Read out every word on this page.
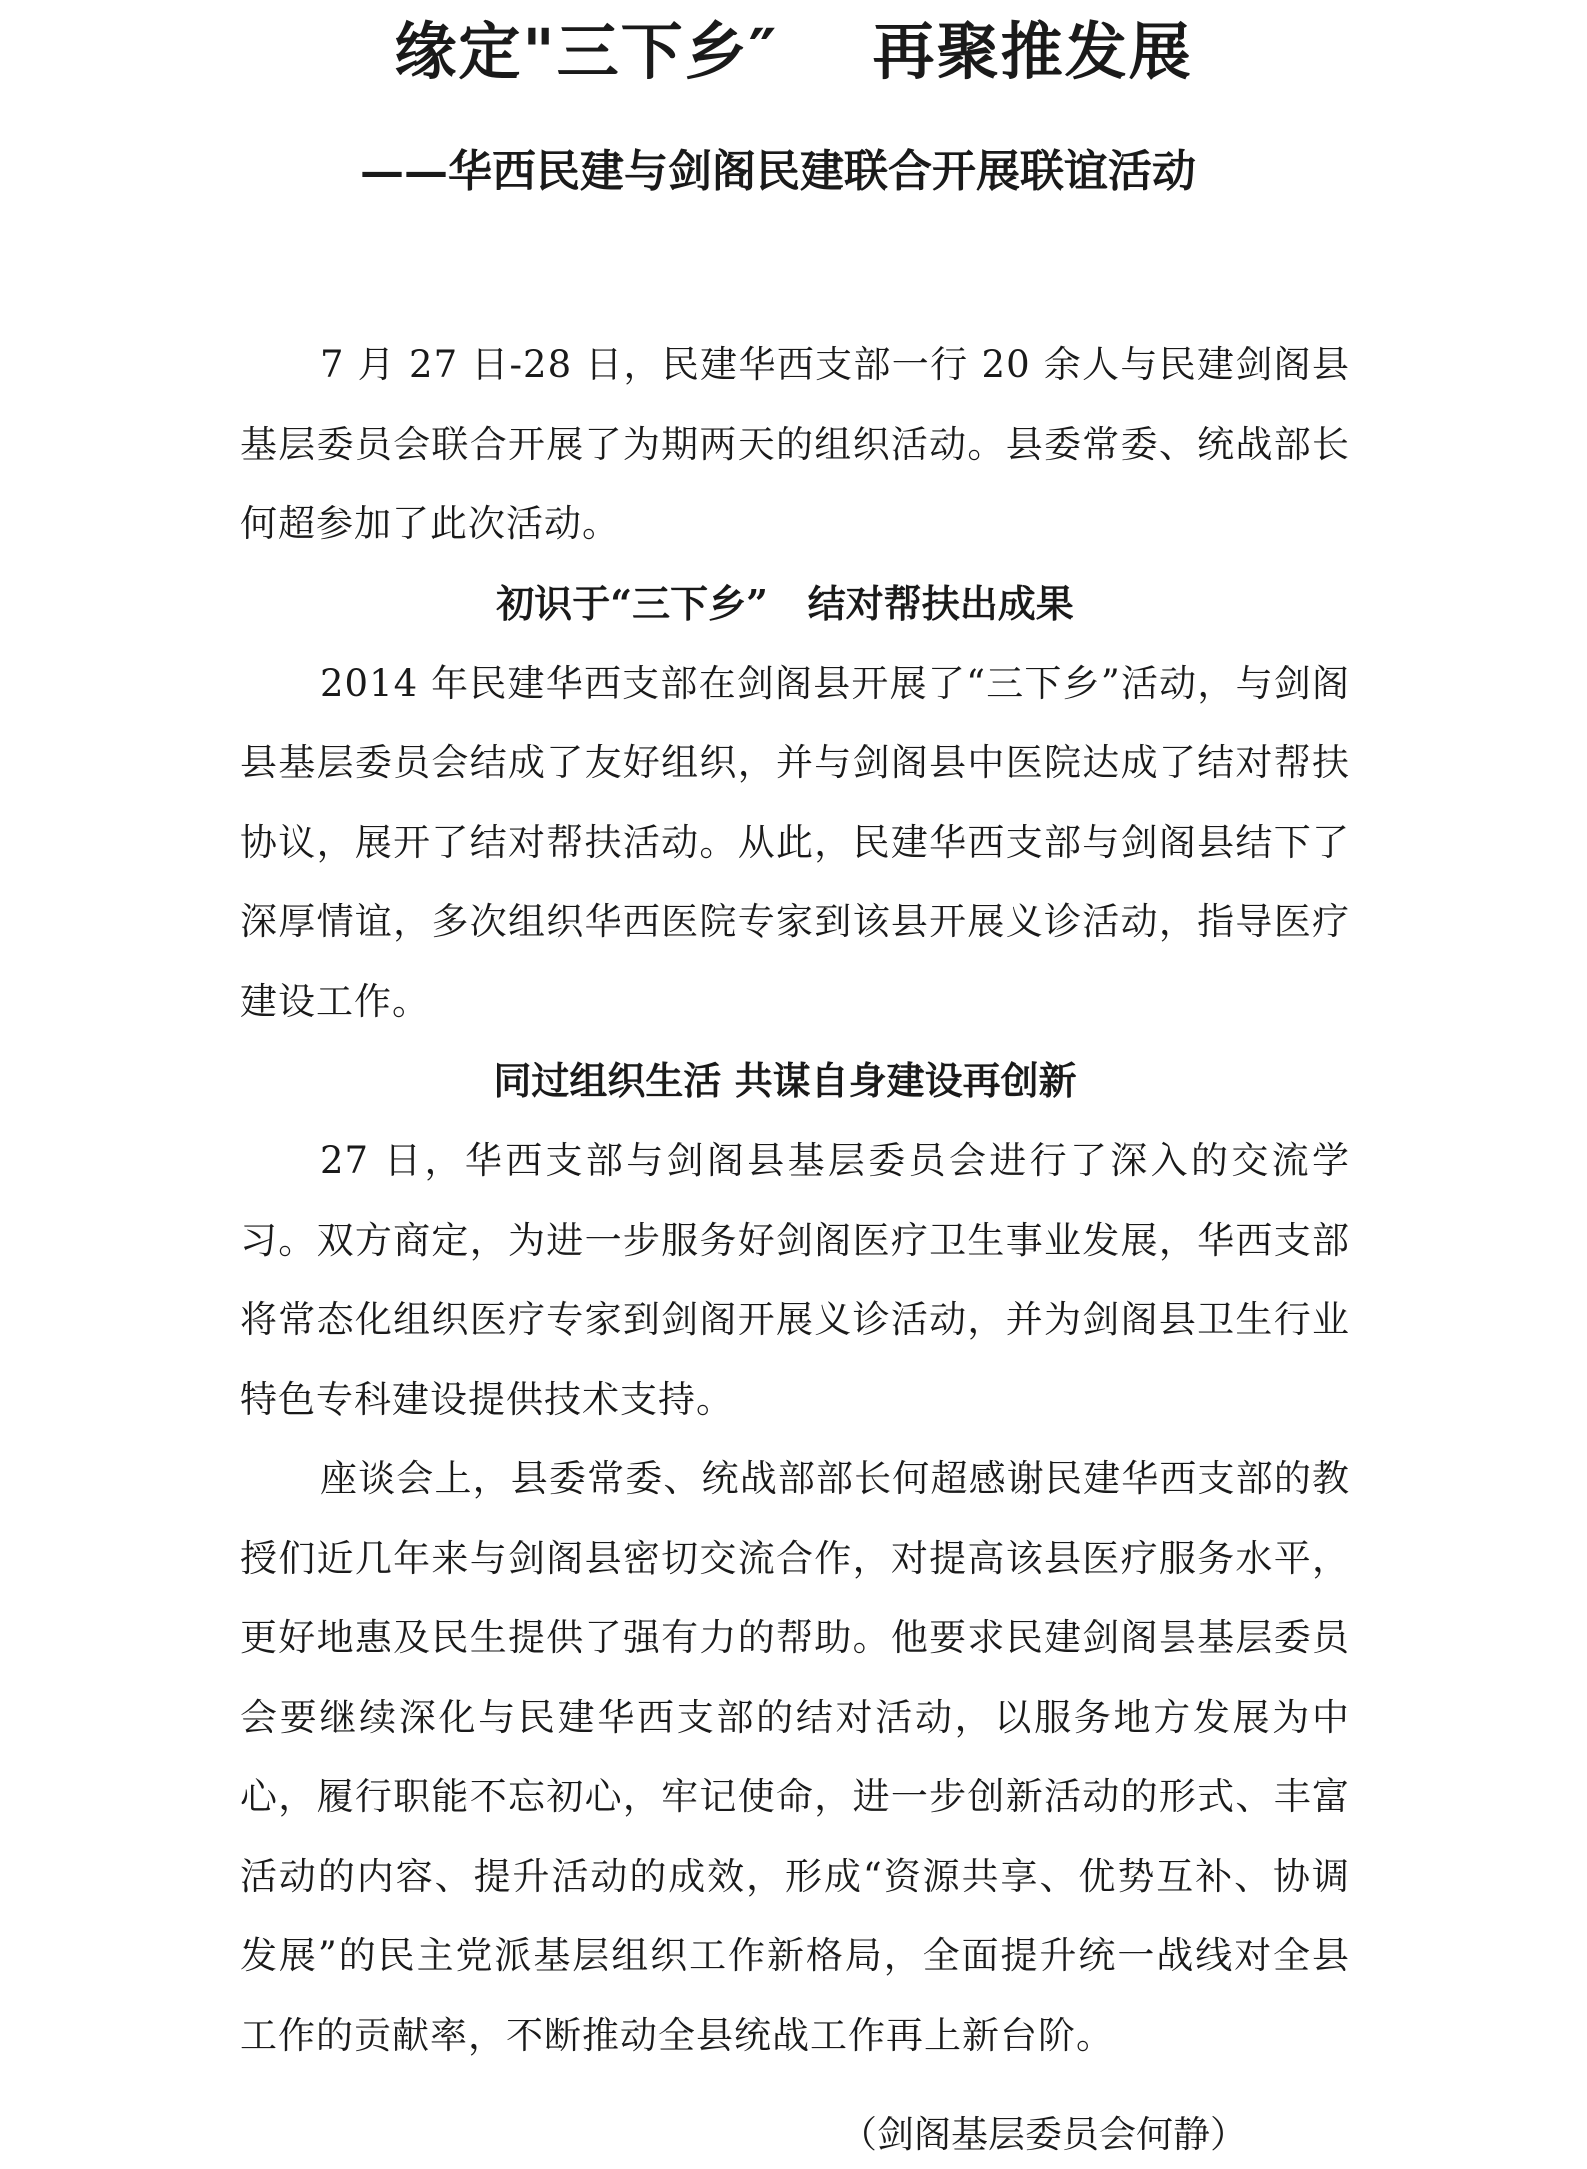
缘定"三下乡″    再聚推发展
——华西民建与剑阁民建联合开展联谊活动

7 月 27 日-28 日，民建华西支部一行 20 余人与民建剑阁县基层委员会联合开展了为期两天的组织活动。县委常委、统战部长何超参加了此次活动。

初识于“三下乡”   结对帮扶出成果

2014 年民建华西支部在剑阁县开展了“三下乡”活动，与剑阁县基层委员会结成了友好组织，并与剑阁县中医院达成了结对帮扶协议，展开了结对帮扶活动。从此，民建华西支部与剑阁县结下了深厚情谊，多次组织华西医院专家到该县开展义诊活动，指导医疗建设工作。

同过组织生活 共谋自身建设再创新

27 日，华西支部与剑阁县基层委员会进行了深入的交流学习。双方商定，为进一步服务好剑阁医疗卫生事业发展，华西支部将常态化组织医疗专家到剑阁开展义诊活动，并为剑阁县卫生行业特色专科建设提供技术支持。

座谈会上，县委常委、统战部部长何超感谢民建华西支部的教授们近几年来与剑阁县密切交流合作，对提高该县医疗服务水平，更好地惠及民生提供了强有力的帮助。他要求民建剑阁昙基层委员会要继续深化与民建华西支部的结对活动，以服务地方发展为中心，履行职能不忘初心，牢记使命，进一步创新活动的形式、丰富活动的内容、提升活动的成效，形成“资源共享、优势互补、协调发展”的民主党派基层组织工作新格局，全面提升统一战线对全县工作的贡献率，不断推动全县统战工作再上新台阶。

（剑阁基层委员会何静）
